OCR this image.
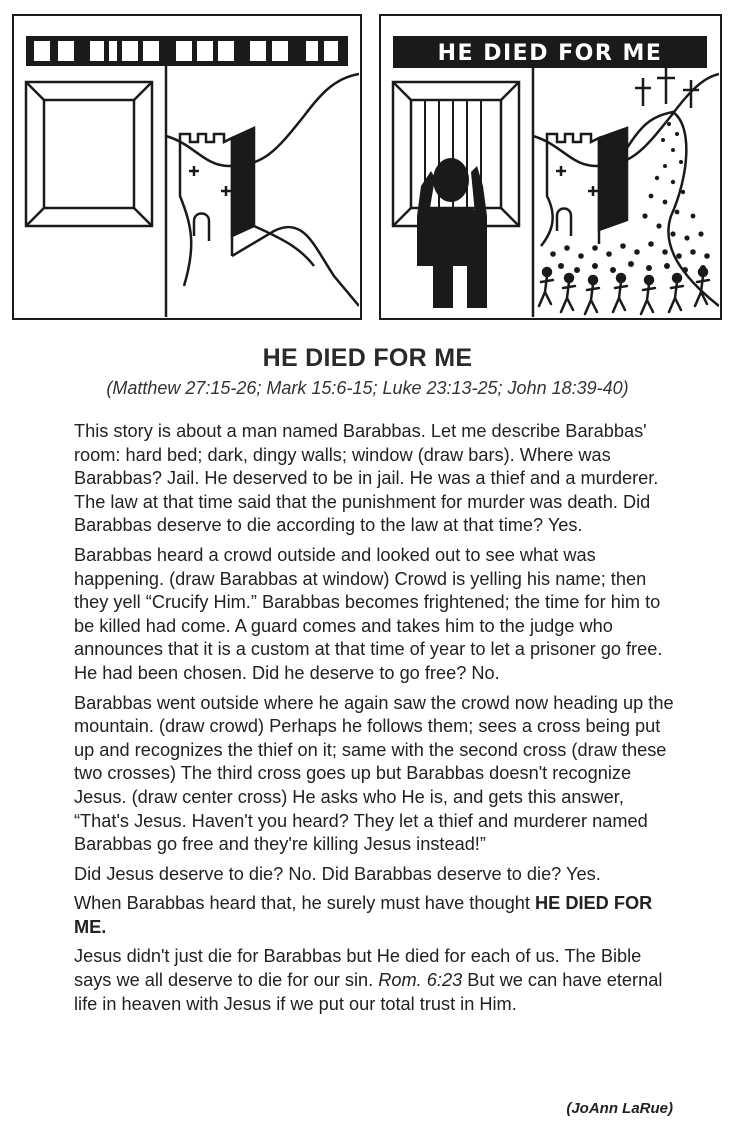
HE DIED FOR ME
HE DIED FOR ME
(Matthew 27:15-26; Mark 15:6-15; Luke 23:13-25; John 18:39-40)

This story is about a man named Barabbas. Let me describe Barabbas' room: hard bed; dark, dingy walls; window (draw bars). Where was Barabbas? Jail. He deserved to be in jail. He was a thief and a murderer. The law at that time said that the punishment for murder was death. Did Barabbas deserve to die according to the law at that time? Yes.

Barabbas heard a crowd outside and looked out to see what was happening. (draw Barabbas at window) Crowd is yelling his name; then they yell “Crucify Him.” Barabbas becomes frightened; the time for him to be killed had come. A guard comes and takes him to the judge who announces that it is a custom at that time of year to let a prisoner go free. He had been chosen. Did he deserve to go free? No.

Barabbas went outside where he again saw the crowd now heading up the mountain. (draw crowd) Perhaps he follows them; sees a cross being put up and recognizes the thief on it; same with the second cross (draw these two crosses) The third cross goes up but Barabbas doesn't recognize Jesus. (draw center cross) He asks who He is, and gets this answer, “That's Jesus. Haven't you heard? They let a thief and murderer named Barabbas go free and they're killing Jesus instead!”

Did Jesus deserve to die? No. Did Barabbas deserve to die? Yes.

When Barabbas heard that, he surely must have thought HE DIED FOR ME.

Jesus didn't just die for Barabbas but He died for each of us. The Bible says we all deserve to die for our sin. Rom. 6:23 But we can have eternal life in heaven with Jesus if we put our total trust in Him.

(JoAnn LaRue)
